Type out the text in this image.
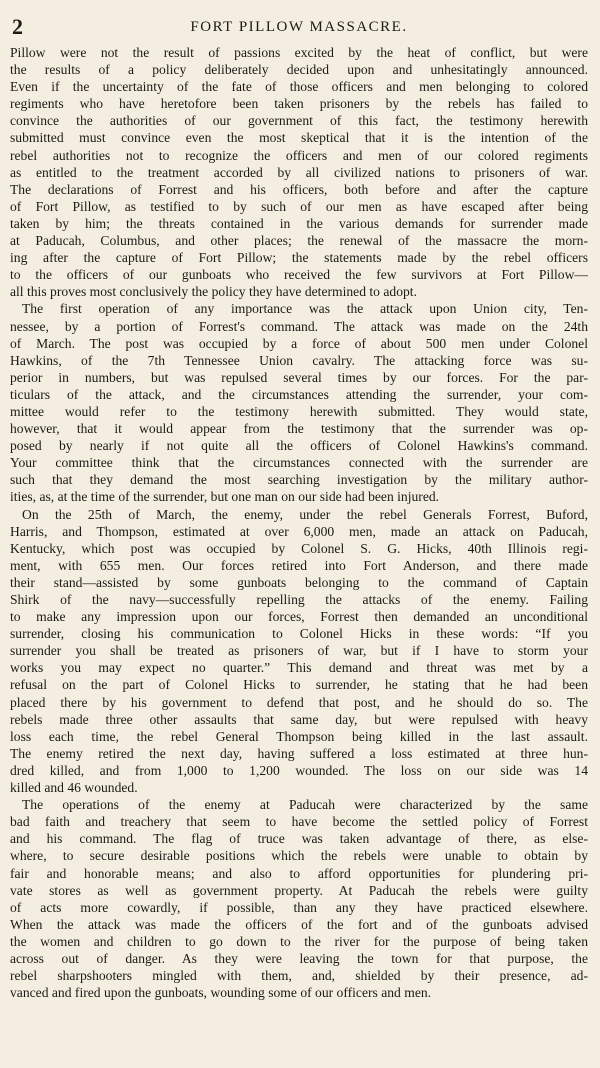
2	FORT PILLOW MASSACRE.
Pillow were not the result of passions excited by the heat of conflict, but were
the results of a policy deliberately decided upon and unhesitatingly announced.
Even if the uncertainty of the fate of those officers and men belonging to colored
regiments who have heretofore been taken prisoners by the rebels has failed to
convince the authorities of our government of this fact, the testimony herewith
submitted must convince even the most skeptical that it is the intention of the
rebel authorities not to recognize the officers and men of our colored regiments
as entitled to the treatment accorded by all civilized nations to prisoners of war.
The declarations of Forrest and his officers, both before and after the capture
of Fort Pillow, as testified to by such of our men as have escaped after being
taken by him; the threats contained in the various demands for surrender made
at Paducah, Columbus, and other places; the renewal of the massacre the morn-
ing after the capture of Fort Pillow; the statements made by the rebel officers
to the officers of our gunboats who received the few survivors at Fort Pillow—
all this proves most conclusively the policy they have determined to adopt.
The first operation of any importance was the attack upon Union city, Ten-
nessee, by a portion of Forrest's command. The attack was made on the 24th
of March. The post was occupied by a force of about 500 men under Colonel
Hawkins, of the 7th Tennessee Union cavalry. The attacking force was su-
perior in numbers, but was repulsed several times by our forces. For the par-
ticulars of the attack, and the circumstances attending the surrender, your com-
mittee would refer to the testimony herewith submitted. They would state,
however, that it would appear from the testimony that the surrender was op-
posed by nearly if not quite all the officers of Colonel Hawkins's command.
Your committee think that the circumstances connected with the surrender are
such that they demand the most searching investigation by the military author-
ities, as, at the time of the surrender, but one man on our side had been injured.
On the 25th of March, the enemy, under the rebel Generals Forrest, Buford,
Harris, and Thompson, estimated at over 6,000 men, made an attack on Paducah,
Kentucky, which post was occupied by Colonel S. G. Hicks, 40th Illinois regi-
ment, with 655 men. Our forces retired into Fort Anderson, and there made
their stand—assisted by some gunboats belonging to the command of Captain
Shirk of the navy—successfully repelling the attacks of the enemy. Failing
to make any impression upon our forces, Forrest then demanded an unconditional
surrender, closing his communication to Colonel Hicks in these words: “If you
surrender you shall be treated as prisoners of war, but if I have to storm your
works you may expect no quarter.” This demand and threat was met by a
refusal on the part of Colonel Hicks to surrender, he stating that he had been
placed there by his government to defend that post, and he should do so. The
rebels made three other assaults that same day, but were repulsed with heavy
loss each time, the rebel General Thompson being killed in the last assault.
The enemy retired the next day, having suffered a loss estimated at three hun-
dred killed, and from 1,000 to 1,200 wounded. The loss on our side was 14
killed and 46 wounded.
The operations of the enemy at Paducah were characterized by the same
bad faith and treachery that seem to have become the settled policy of Forrest
and his command. The flag of truce was taken advantage of there, as else-
where, to secure desirable positions which the rebels were unable to obtain by
fair and honorable means; and also to afford opportunities for plundering pri-
vate stores as well as government property. At Paducah the rebels were guilty
of acts more cowardly, if possible, than any they have practiced elsewhere.
When the attack was made the officers of the fort and of the gunboats advised
the women and children to go down to the river for the purpose of being taken
across out of danger. As they were leaving the town for that purpose, the
rebel sharpshooters mingled with them, and, shielded by their presence, ad-
vanced and fired upon the gunboats, wounding some of our officers and men.
